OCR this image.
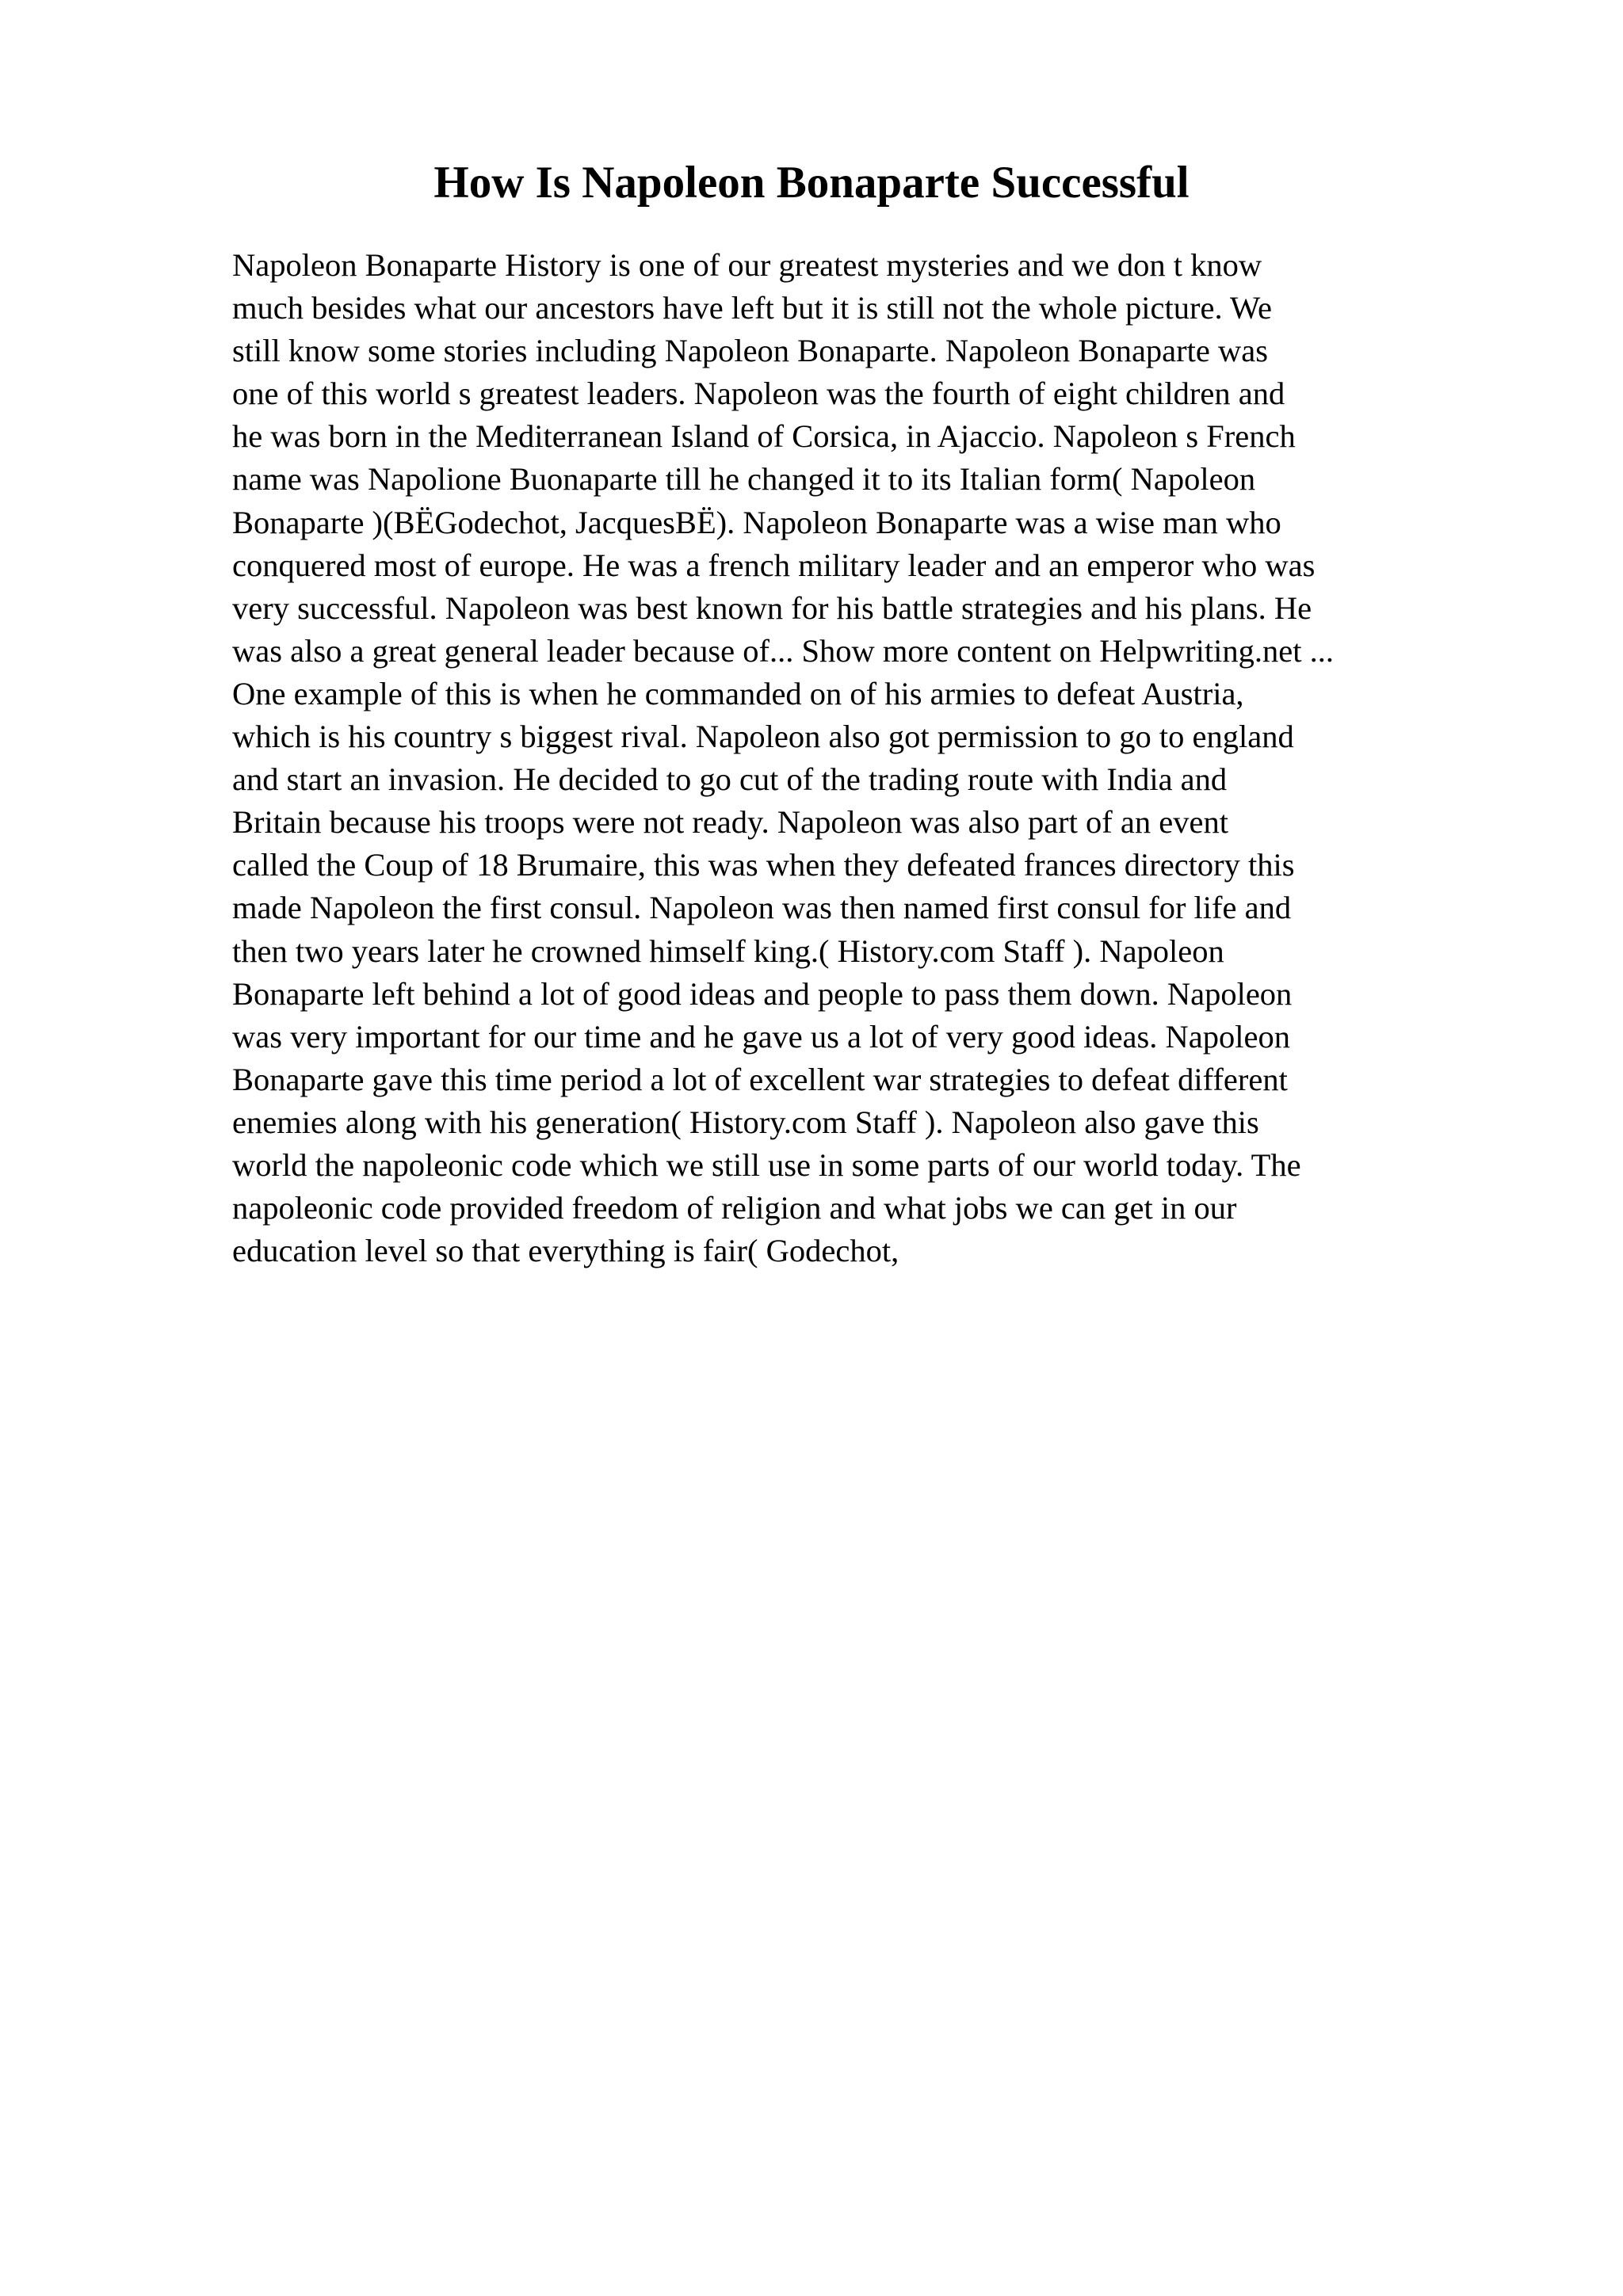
How Is Napoleon Bonaparte Successful

Napoleon Bonaparte History is one of our greatest mysteries and we don t know
much besides what our ancestors have left but it is still not the whole picture. We
still know some stories including Napoleon Bonaparte. Napoleon Bonaparte was
one of this world s greatest leaders. Napoleon was the fourth of eight children and
he was born in the Mediterranean Island of Corsica, in Ajaccio. Napoleon s French
name was Napolione Buonaparte till he changed it to its Italian form( Napoleon
Bonaparte )(BËGodechot, JacquesBË). Napoleon Bonaparte was a wise man who
conquered most of europe. He was a french military leader and an emperor who was
very successful. Napoleon was best known for his battle strategies and his plans. He
was also a great general leader because of... Show more content on Helpwriting.net ...
One example of this is when he commanded on of his armies to defeat Austria,
which is his country s biggest rival. Napoleon also got permission to go to england
and start an invasion. He decided to go cut of the trading route with India and
Britain because his troops were not ready. Napoleon was also part of an event
called the Coup of 18 Brumaire, this was when they defeated frances directory this
made Napoleon the first consul. Napoleon was then named first consul for life and
then two years later he crowned himself king.( History.com Staff ). Napoleon
Bonaparte left behind a lot of good ideas and people to pass them down. Napoleon
was very important for our time and he gave us a lot of very good ideas. Napoleon
Bonaparte gave this time period a lot of excellent war strategies to defeat different
enemies along with his generation( History.com Staff ). Napoleon also gave this
world the napoleonic code which we still use in some parts of our world today. The
napoleonic code provided freedom of religion and what jobs we can get in our
education level so that everything is fair( Godechot,
